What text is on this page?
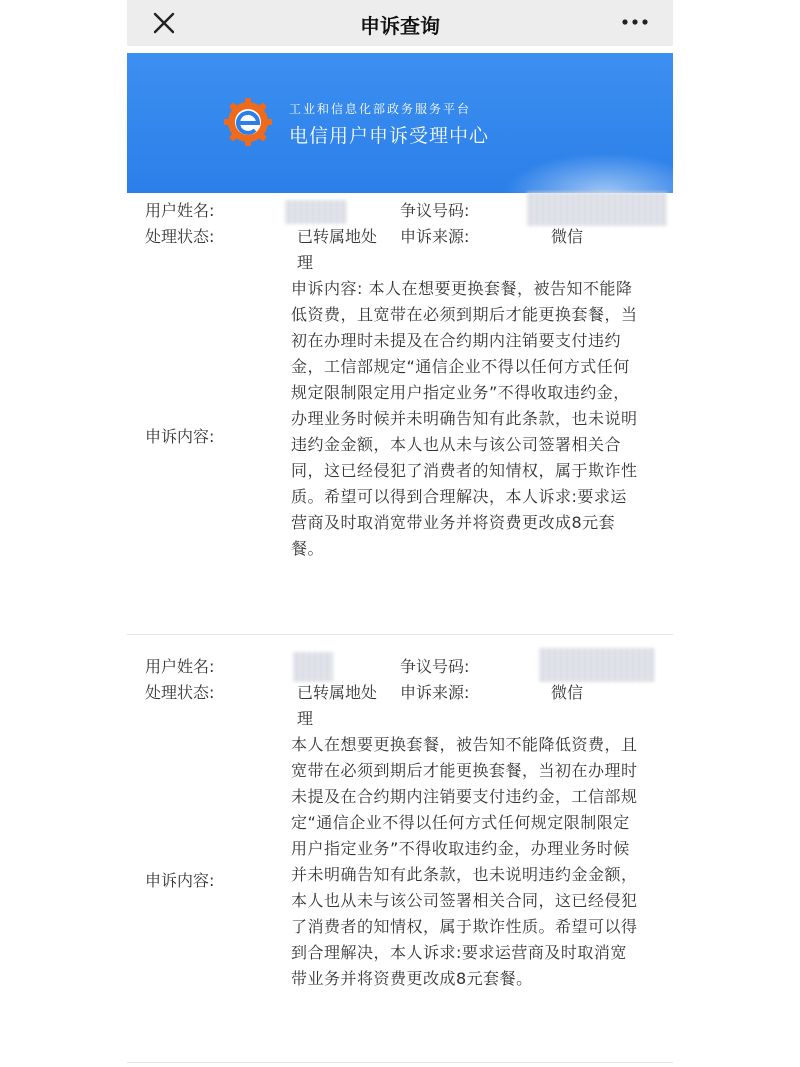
申诉查询
工业和信息化部政务服务平台
电信用户申诉受理中心
用户姓名:	争议号码:
处理状态:	已转属地处
理
申诉来源:	微信
申诉内容:
申诉内容: 本人在想要更换套餐，被告知不能降低资费，且宽带在必须到期后才能更换套餐，当初在办理时未提及在合约期内注销要支付违约金，工信部规定“通信企业不得以任何方式任何规定限制限定用户指定业务”不得收取违约金，办理业务时候并未明确告知有此条款，也未说明违约金金额，本人也从未与该公司签署相关合同，这已经侵犯了消费者的知情权，属于欺诈性质。希望可以得到合理解决，本人诉求:要求运营商及时取消宽带业务并将资费更改成8元套餐。
用户姓名:	争议号码:
处理状态:	已转属地处
理
申诉来源:	微信
申诉内容:
本人在想要更换套餐，被告知不能降低资费，且宽带在必须到期后才能更换套餐，当初在办理时未提及在合约期内注销要支付违约金，工信部规定“通信企业不得以任何方式任何规定限制限定用户指定业务”不得收取违约金，办理业务时候并未明确告知有此条款，也未说明违约金金额，本人也从未与该公司签署相关合同，这已经侵犯了消费者的知情权，属于欺诈性质。希望可以得到合理解决，本人诉求:要求运营商及时取消宽带业务并将资费更改成8元套餐。
